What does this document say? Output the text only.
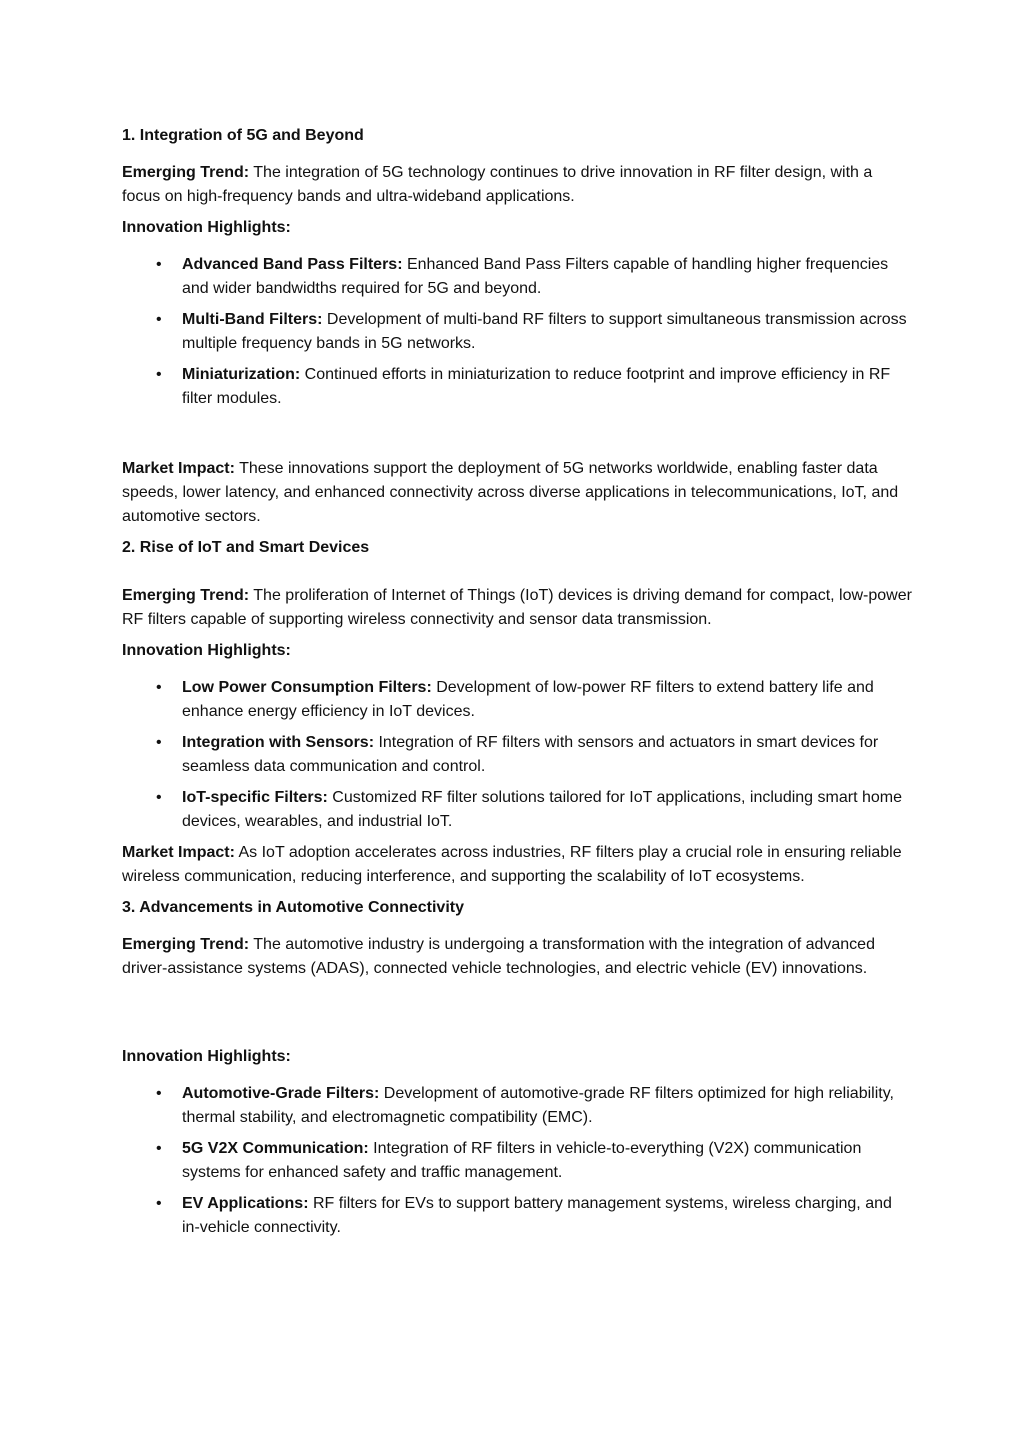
1. Integration of 5G and Beyond

Emerging Trend: The integration of 5G technology continues to drive innovation in RF filter design, with a focus on high-frequency bands and ultra-wideband applications.

Innovation Highlights:

• Advanced Band Pass Filters: Enhanced Band Pass Filters capable of handling higher frequencies and wider bandwidths required for 5G and beyond.
• Multi-Band Filters: Development of multi-band RF filters to support simultaneous transmission across multiple frequency bands in 5G networks.
• Miniaturization: Continued efforts in miniaturization to reduce footprint and improve efficiency in RF filter modules.

Market Impact: These innovations support the deployment of 5G networks worldwide, enabling faster data speeds, lower latency, and enhanced connectivity across diverse applications in telecommunications, IoT, and automotive sectors.

2. Rise of IoT and Smart Devices

Emerging Trend: The proliferation of Internet of Things (IoT) devices is driving demand for compact, low-power RF filters capable of supporting wireless connectivity and sensor data transmission.

Innovation Highlights:

• Low Power Consumption Filters: Development of low-power RF filters to extend battery life and enhance energy efficiency in IoT devices.
• Integration with Sensors: Integration of RF filters with sensors and actuators in smart devices for seamless data communication and control.
• IoT-specific Filters: Customized RF filter solutions tailored for IoT applications, including smart home devices, wearables, and industrial IoT.

Market Impact: As IoT adoption accelerates across industries, RF filters play a crucial role in ensuring reliable wireless communication, reducing interference, and supporting the scalability of IoT ecosystems.

3. Advancements in Automotive Connectivity

Emerging Trend: The automotive industry is undergoing a transformation with the integration of advanced driver-assistance systems (ADAS), connected vehicle technologies, and electric vehicle (EV) innovations.

Innovation Highlights:

• Automotive-Grade Filters: Development of automotive-grade RF filters optimized for high reliability, thermal stability, and electromagnetic compatibility (EMC).
• 5G V2X Communication: Integration of RF filters in vehicle-to-everything (V2X) communication systems for enhanced safety and traffic management.
• EV Applications: RF filters for EVs to support battery management systems, wireless charging, and in-vehicle connectivity.
